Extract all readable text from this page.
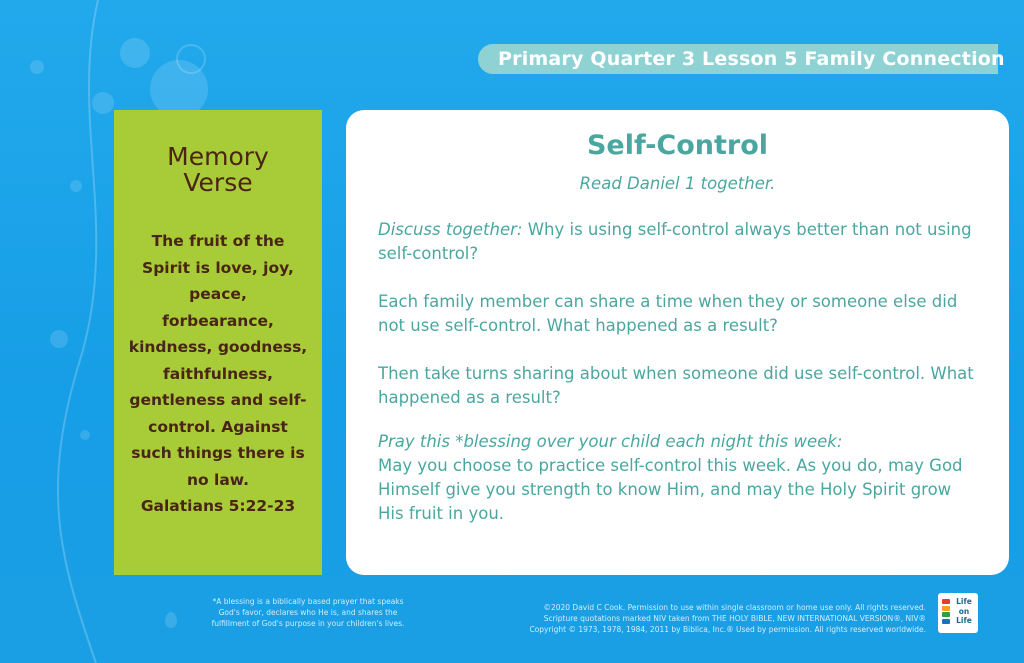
Primary Quarter 3 Lesson 5 Family Connection
Memory
Verse
The fruit of the
Spirit is love, joy,
peace,
forbearance,
kindness, goodness,
faithfulness,
gentleness and self-
control. Against
such things there is
no law.
Galatians 5:22-23
Self-Control
Read Daniel 1 together.
Discuss together: Why is using self-control always better than not using self-control?
Each family member can share a time when they or someone else did not use self-control. What happened as a result?
Then take turns sharing about when someone did use self-control. What happened as a result?
Pray this *blessing over your child each night this week:
May you choose to practice self-control this week. As you do, may God Himself give you strength to know Him, and may the Holy Spirit grow His fruit in you.
*A blessing is a biblically based prayer that speaks
God's favor, declares who He is, and shares the
fulfillment of God's purpose in your children's lives.
©2020 David C Cook. Permission to use within single classroom or home use only. All rights reserved.
Scripture quotations marked NIV taken from THE HOLY BIBLE, NEW INTERNATIONAL VERSION®, NIV®
Copyright © 1973, 1978, 1984, 2011 by Biblica, Inc.® Used by permission. All rights reserved worldwide.
Life
on
Life
